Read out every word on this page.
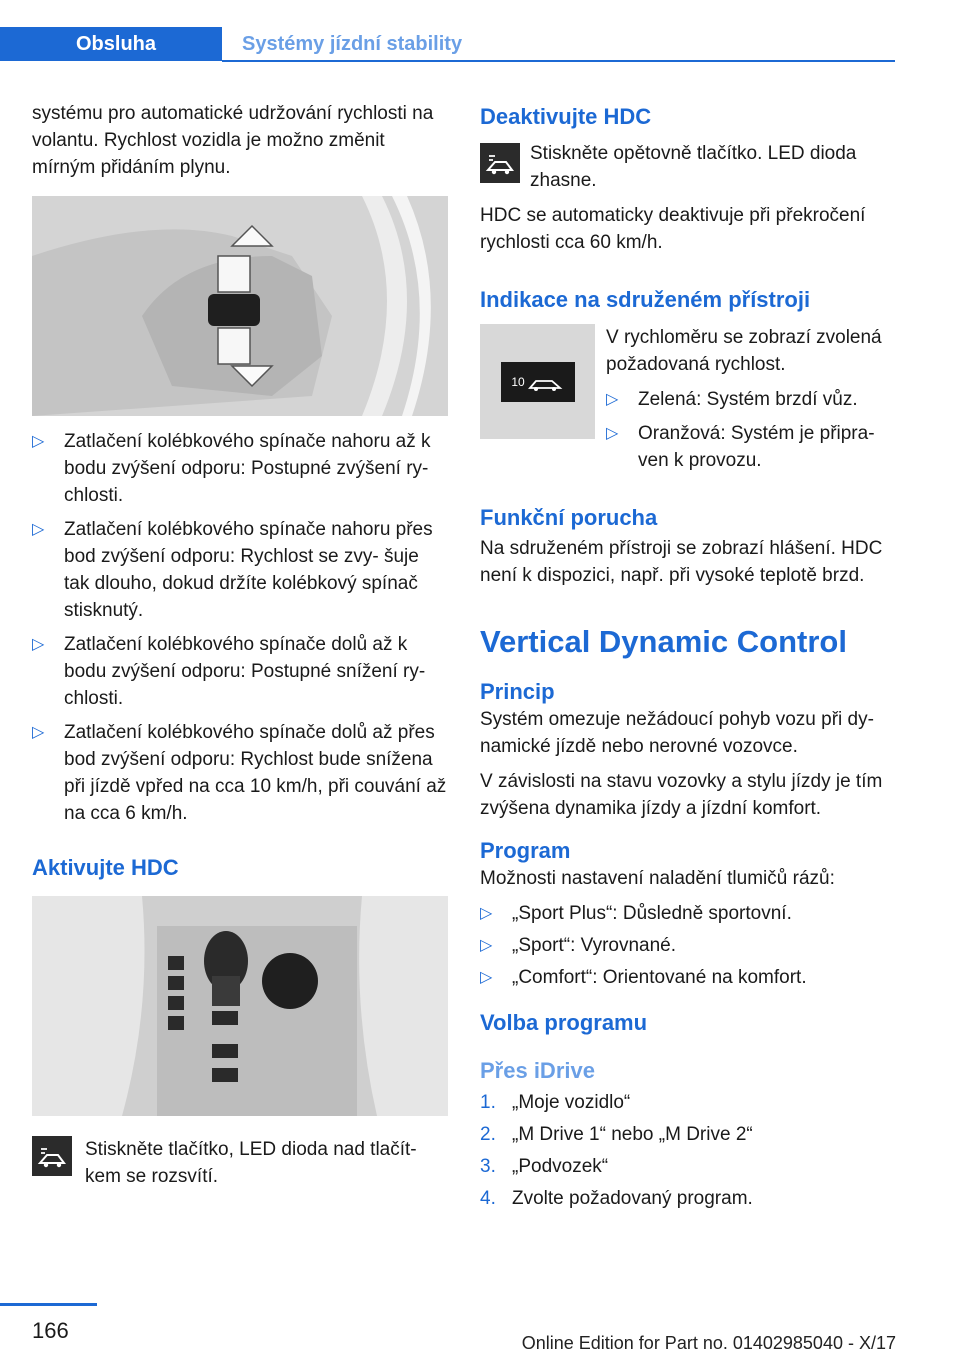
Obsluha	Systémy jízdní stability

systému pro automatické udržování rychlosti na volantu. Rychlost vozidla je možno změnit mírným přidáním plynu.

▷ Zatlačení kolébkového spínače nahoru až k bodu zvýšení odporu: Postupné zvýšení ry‐ chlosti.
▷ Zatlačení kolébkového spínače nahoru přes bod zvýšení odporu: Rychlost se zvy‐ šuje tak dlouho, dokud držíte kolébkový spínač stisknutý.
▷ Zatlačení kolébkového spínače dolů až k bodu zvýšení odporu: Postupné snížení ry‐ chlosti.
▷ Zatlačení kolébkového spínače dolů až přes bod zvýšení odporu: Rychlost bude snížena při jízdě vpřed na cca 10 km/h, při couvání až na cca 6 km/h.
Aktivujte HDC

Stiskněte tlačítko, LED dioda nad tlačít‐ kem se rozsvítí.

Deaktivujte HDC

Stiskněte opětovně tlačítko. LED dioda zhasne.

HDC se automaticky deaktivuje při překročení rychlosti cca 60 km/h.

Indikace na sdruženém přístroji
10

V rychloměru se zobrazí zvolená požadovaná rychlost.

▷ Zelená: Systém brzdí vůz.
▷ Oranžová: Systém je připra‐ ven k provozu.
Funkční porucha

Na sdruženém přístroji se zobrazí hlášení. HDC není k dispozici, např. při vysoké teplotě brzd.

Vertical Dynamic Control
Princip

Systém omezuje nežádoucí pohyb vozu při dy‐ namické jízdě nebo nerovné vozovce.

V závislosti na stavu vozovky a stylu jízdy je tím zvýšena dynamika jízdy a jízdní komfort.

Program

Možnosti nastavení naladění tlumičů rázů:

▷ „Sport Plus“: Důsledně sportovní.
▷ „Sport“: Vyrovnané.
▷ „Comfort“: Orientované na komfort.
Volba programu
Přes iDrive
1. „Moje vozidlo“
2. „M Drive 1“ nebo „M Drive 2“
3. „Podvozek“
4. Zvolte požadovaný program.
166	Online Edition for Part no. 01402985040 - X/17
